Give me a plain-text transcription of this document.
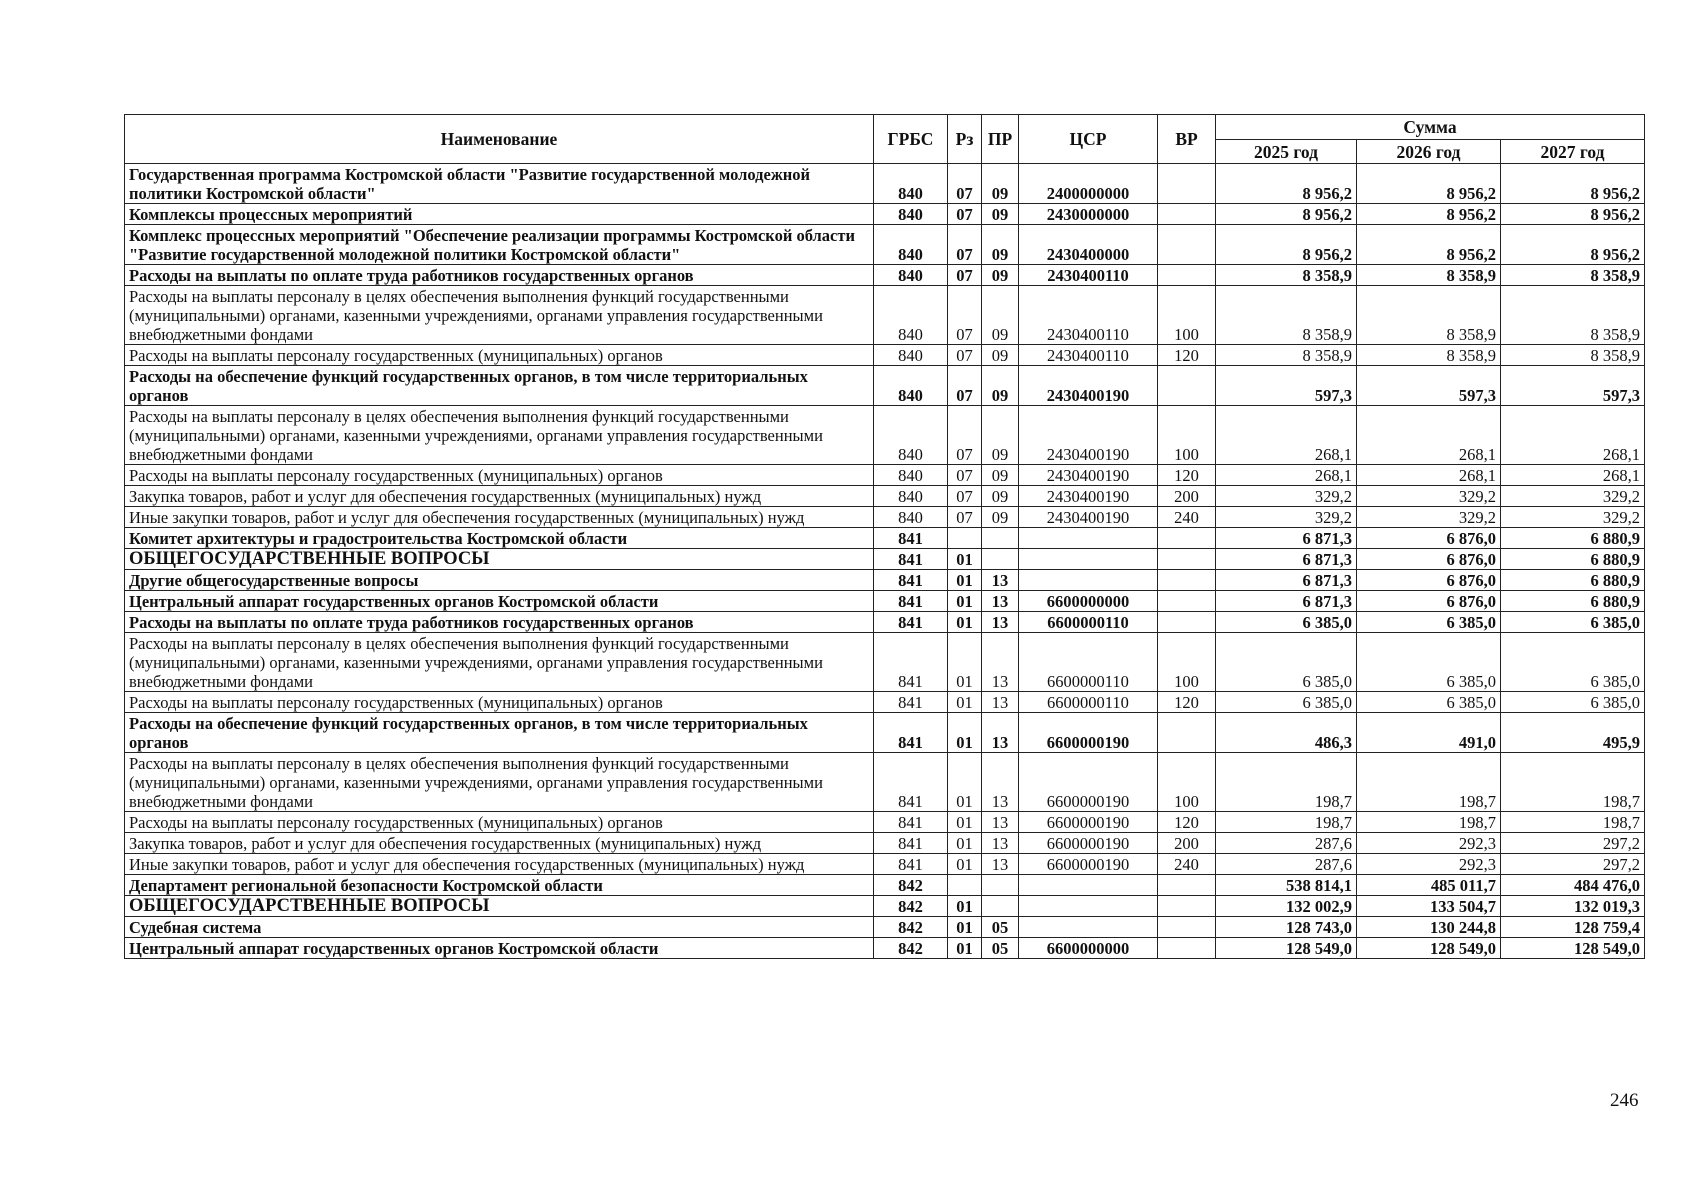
Наименование	ГРБС	Рз	ПР	ЦСР	ВР	Сумма		
						2025 год	2026 год	2027 год
Государственная программа Костромской области "Развитие государственной молодежной политики Костромской области"	840	07	09	2400000000		8 956,2	8 956,2	8 956,2
Комплексы процессных мероприятий	840	07	09	2430000000		8 956,2	8 956,2	8 956,2
Комплекс процессных мероприятий "Обеспечение реализации программы Костромской области "Развитие государственной молодежной политики Костромской области"	840	07	09	2430400000		8 956,2	8 956,2	8 956,2
Расходы на выплаты по оплате труда работников государственных органов	840	07	09	2430400110		8 358,9	8 358,9	8 358,9
Расходы на выплаты персоналу в целях обеспечения выполнения функций государственными (муниципальными) органами, казенными учреждениями, органами управления государственными внебюджетными фондами	840	07	09	2430400110	100	8 358,9	8 358,9	8 358,9
Расходы на выплаты персоналу государственных (муниципальных) органов	840	07	09	2430400110	120	8 358,9	8 358,9	8 358,9
Расходы на обеспечение функций государственных органов, в том числе территориальных органов	840	07	09	2430400190		597,3	597,3	597,3
Расходы на выплаты персоналу в целях обеспечения выполнения функций государственными (муниципальными) органами, казенными учреждениями, органами управления государственными внебюджетными фондами	840	07	09	2430400190	100	268,1	268,1	268,1
Расходы на выплаты персоналу государственных (муниципальных) органов	840	07	09	2430400190	120	268,1	268,1	268,1
Закупка товаров, работ и услуг для обеспечения государственных (муниципальных) нужд	840	07	09	2430400190	200	329,2	329,2	329,2
Иные закупки товаров, работ и услуг для обеспечения государственных (муниципальных) нужд	840	07	09	2430400190	240	329,2	329,2	329,2
Комитет архитектуры и градостроительства Костромской области	841					6 871,3	6 876,0	6 880,9
ОБЩЕГОСУДАРСТВЕННЫЕ ВОПРОСЫ	841	01				6 871,3	6 876,0	6 880,9
Другие общегосударственные вопросы	841	01	13			6 871,3	6 876,0	6 880,9
Центральный аппарат государственных органов Костромской области	841	01	13	6600000000		6 871,3	6 876,0	6 880,9
Расходы на выплаты по оплате труда работников государственных органов	841	01	13	6600000110		6 385,0	6 385,0	6 385,0
Расходы на выплаты персоналу в целях обеспечения выполнения функций государственными (муниципальными) органами, казенными учреждениями, органами управления государственными внебюджетными фондами	841	01	13	6600000110	100	6 385,0	6 385,0	6 385,0
Расходы на выплаты персоналу государственных (муниципальных) органов	841	01	13	6600000110	120	6 385,0	6 385,0	6 385,0
Расходы на обеспечение функций государственных органов, в том числе территориальных органов	841	01	13	6600000190		486,3	491,0	495,9
Расходы на выплаты персоналу в целях обеспечения выполнения функций государственными (муниципальными) органами, казенными учреждениями, органами управления государственными внебюджетными фондами	841	01	13	6600000190	100	198,7	198,7	198,7
Расходы на выплаты персоналу государственных (муниципальных) органов	841	01	13	6600000190	120	198,7	198,7	198,7
Закупка товаров, работ и услуг для обеспечения государственных (муниципальных) нужд	841	01	13	6600000190	200	287,6	292,3	297,2
Иные закупки товаров, работ и услуг для обеспечения государственных (муниципальных) нужд	841	01	13	6600000190	240	287,6	292,3	297,2
Департамент региональной безопасности Костромской области	842					538 814,1	485 011,7	484 476,0
ОБЩЕГОСУДАРСТВЕННЫЕ ВОПРОСЫ	842	01				132 002,9	133 504,7	132 019,3
Судебная система	842	01	05			128 743,0	130 244,8	128 759,4
Центральный аппарат государственных органов Костромской области	842	01	05	6600000000		128 549,0	128 549,0	128 549,0
246
